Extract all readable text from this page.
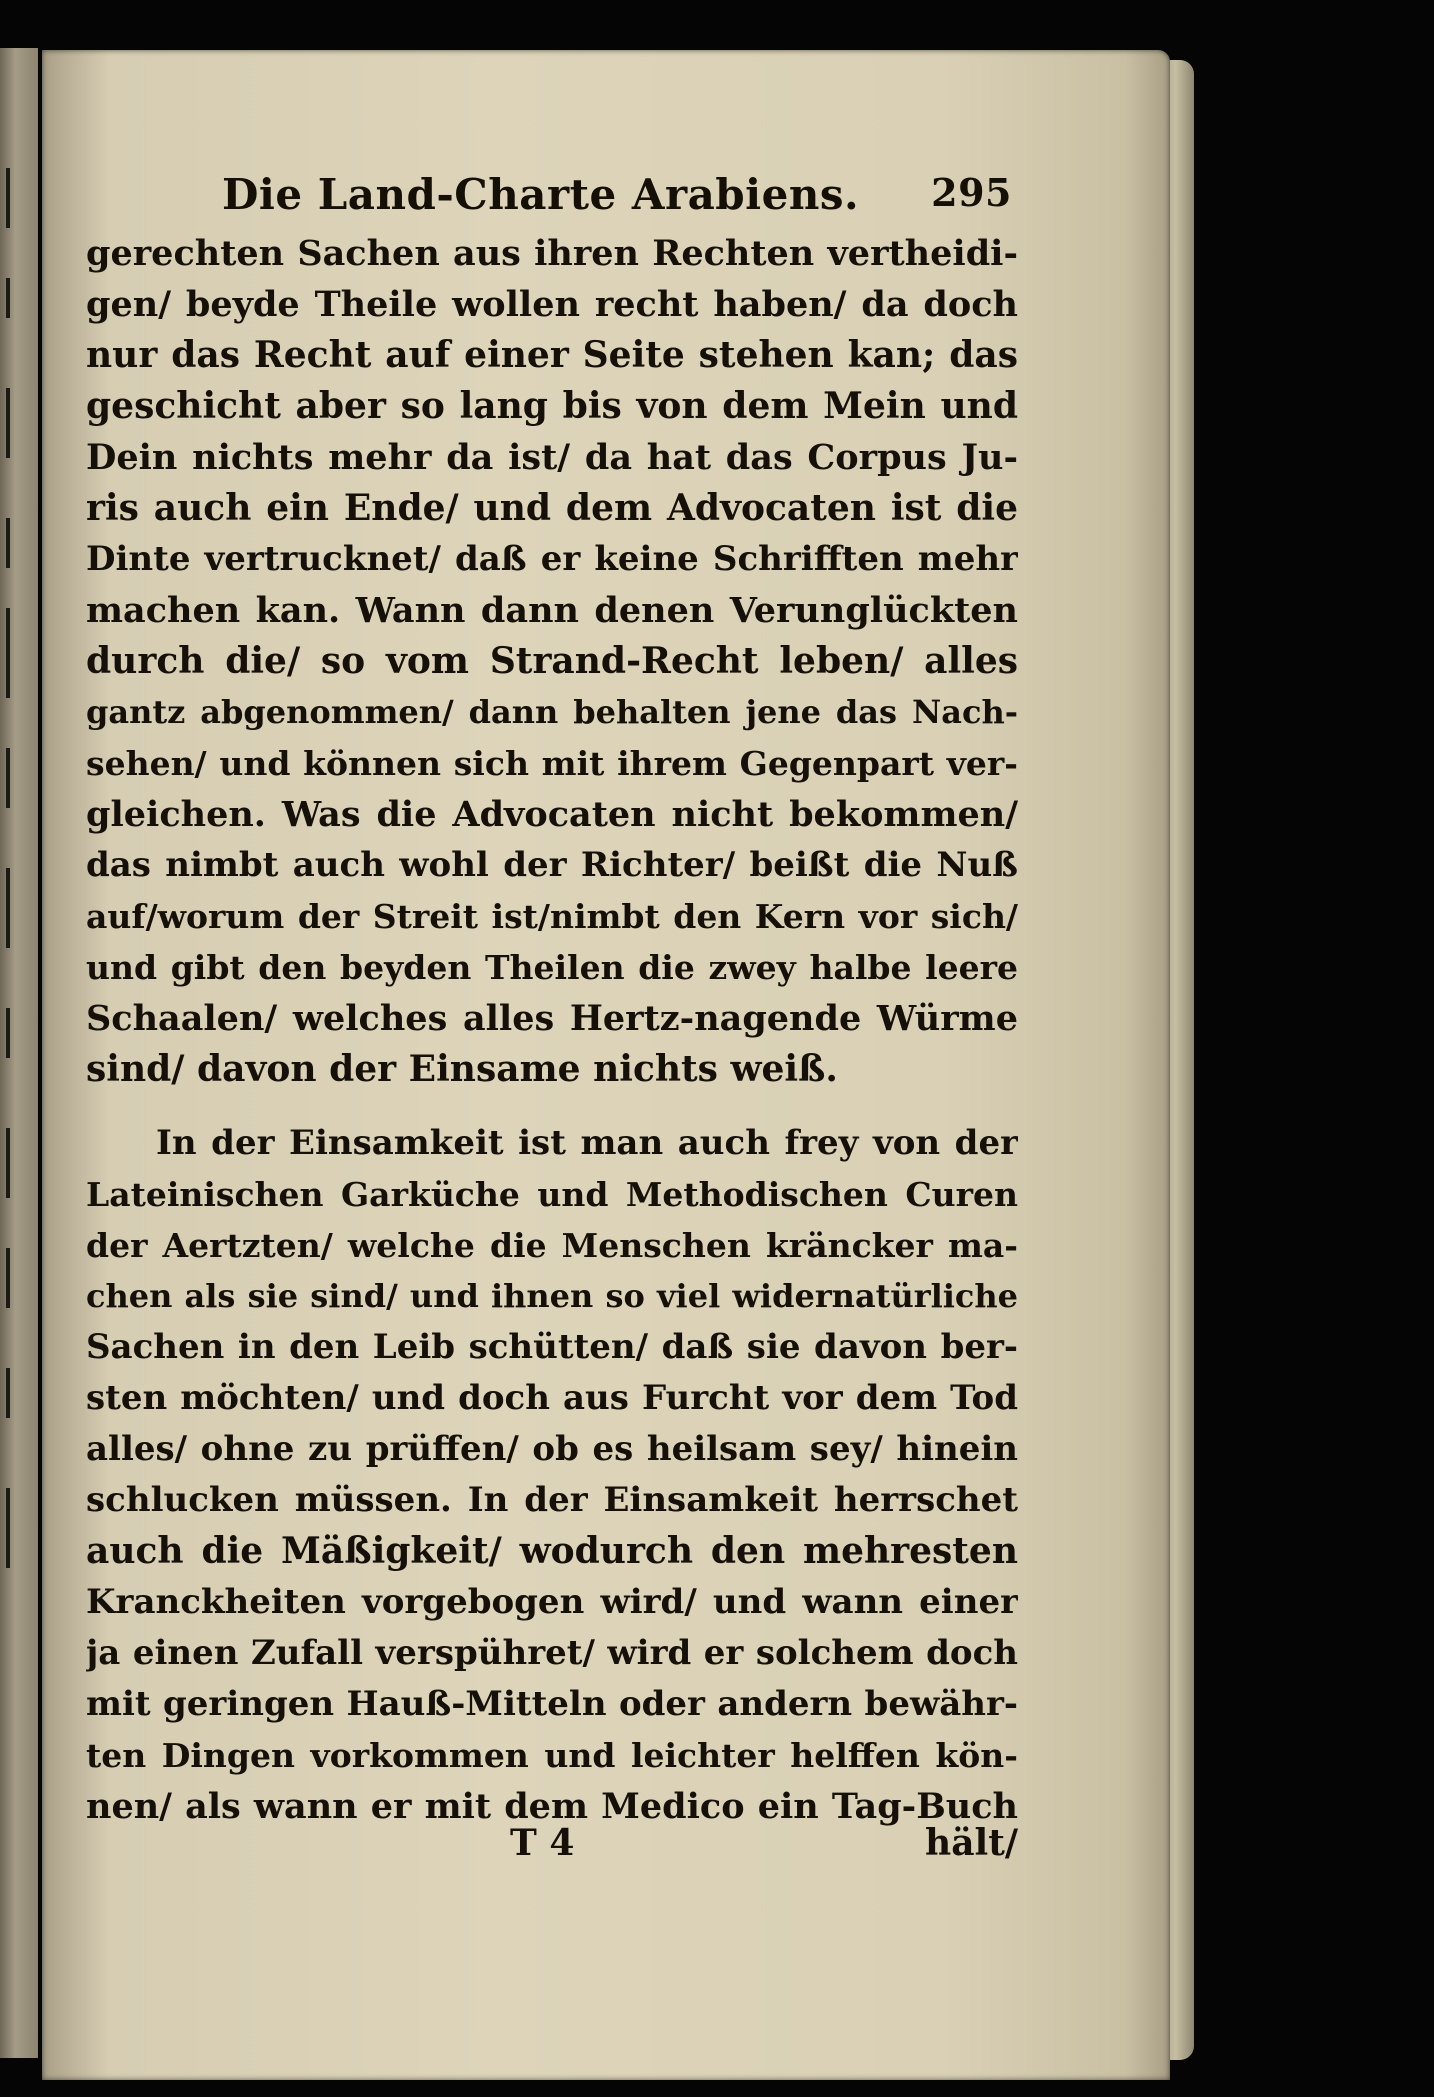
Die Land-Charte Arabiens. 295
gerechten Sachen aus ihren Rechten vertheidi-
gen/ beyde Theile wollen recht haben/ da doch
nur das Recht auf einer Seite stehen kan; das
geschicht aber so lang bis von dem Mein und
Dein nichts mehr da ist/ da hat das Corpus Ju-
ris auch ein Ende/ und dem Advocaten ist die
Dinte vertrucknet/ daß er keine Schrifften mehr
machen kan. Wann dann denen Verunglückten
durch die/ so vom Strand-Recht leben/ alles
gantz abgenommen/ dann behalten jene das Nach-
sehen/ und können sich mit ihrem Gegenpart ver-
gleichen. Was die Advocaten nicht bekommen/
das nimbt auch wohl der Richter/ beißt die Nuß
auf/worum der Streit ist/nimbt den Kern vor sich/
und gibt den beyden Theilen die zwey halbe leere
Schaalen/ welches alles Hertz-nagende Würme
sind/ davon der Einsame nichts weiß.
In der Einsamkeit ist man auch frey von der
Lateinischen Garküche und Methodischen Curen
der Aertzten/ welche die Menschen kräncker ma-
chen als sie sind/ und ihnen so viel widernatürliche
Sachen in den Leib schütten/ daß sie davon ber-
sten möchten/ und doch aus Furcht vor dem Tod
alles/ ohne zu prüffen/ ob es heilsam sey/ hinein
schlucken müssen. In der Einsamkeit herrschet
auch die Mäßigkeit/ wodurch den mehresten
Kranckheiten vorgebogen wird/ und wann einer
ja einen Zufall verspühret/ wird er solchem doch
mit geringen Hauß-Mitteln oder andern bewähr-
ten Dingen vorkommen und leichter helffen kön-
nen/ als wann er mit dem Medico ein Tag-Buch
T 4	hält/
